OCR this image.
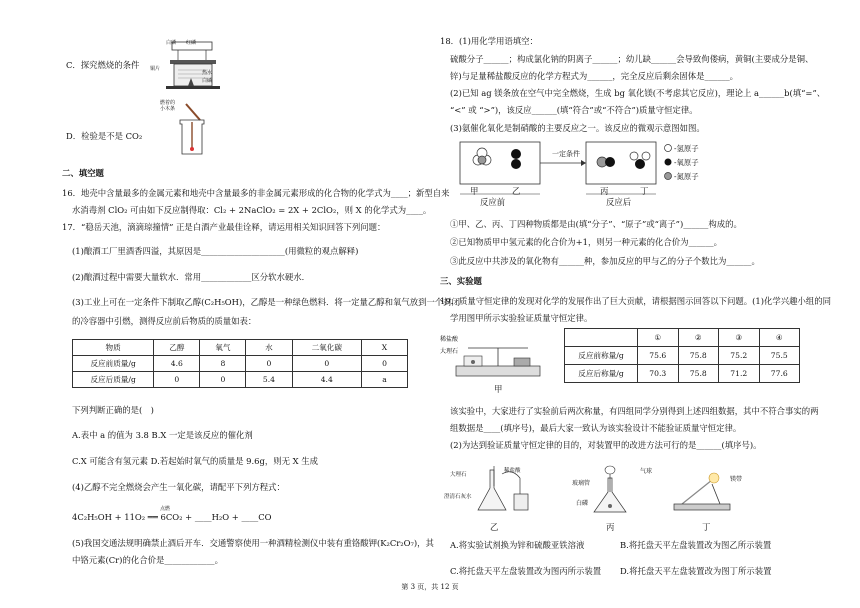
白磷 红磷
铜片
热水
白磷
C．探究燃烧的条件
燃着的
小木条
D．检验是不是 CO₂
二、填空题
16．地壳中含量最多的金属元素和地壳中含量最多的非金属元素形成的化合物的化学式为____；新型自来
水消毒剂 ClO₂ 可由如下反应制得取：Cl₂ + 2NaClO₂ = 2X + 2ClO₂，则 X 的化学式为____。
17．“稳岳天池，滴滴琼撞情” 正是白酒产业最佳诠释，请运用相关知识回答下列问题：
(1)酿酒工厂里酒香四溢，其原因是____________________(用微粒的观点解释)
(2)酿酒过程中需要大量软水．常用____________区分软水硬水．
(3)工业上可在一定条件下制取乙醇(C₂H₅OH)，乙醇是一种绿色燃料．将一定量乙醇和氧气放到一个封闭
的冷容器中引燃，测得反应前后物质的质量如表：
物质	乙醇	氧气	水	二氧化碳	X
反应前质量/g	4.6	8	0	0	0
反应后质量/g	0	0	5.4	4.4	a
下列判断正确的是(　)
A.表中 a 的值为 3.8 B.X 一定是该反应的催化剂
C.X 可能含有氢元素 D.若起始时氧气的质量是 9.6g，则无 X 生成
(4)乙醇不完全燃烧会产生一氧化碳，请配平下列方程式：
点燃
4C₂H₅OH + 11O₂ ══ 6CO₂ + ____H₂O + ____CO
(5)我国交通法规明确禁止酒后开车．交通警察使用一种酒精检测仪中装有重铬酸钾(K₂Cr₂O₇)，其
中铬元素(Cr)的化合价是____________。
18．(1)用化学用语填空：
硫酸分子______；构成氯化钠的阴离子______；幼儿缺______会导致佝偻病，黄铜(主要成分是铜、
锌)与足量稀盐酸反应的化学方程式为______，完全反应后剩余固体是______。
(2)已知 ag 镁条放在空气中完全燃烧，生成 bg 氧化镁(不考虑其它反应)，理论上 a______b(填“=”、
“<” 或 “>”)，该反应______(填“符合”或“不符合”)质量守恒定律。
(3)氨催化氧化是制硝酸的主要反应之一。该反应的微观示意图如图。
甲	乙
一定条件
丙	丁
反应前	反应后
-氢原子
-氧原子
-氮原子
①甲、乙、丙、丁四种物质都是由(填“分子”、“原子”或“离子”)______构成的。
②已知物质甲中氢元素的化合价为+1，则另一种元素的化合价为______。
③此反应中共涉及的氧化物有______种，参加反应的甲与乙的分子个数比为______。
三、实验题
19．质量守恒定律的发现对化学的发展作出了巨大贡献，请根据图示回答以下问题。(1)化学兴趣小组的同
学用图甲所示实验验证质量守恒定律。
稀盐酸
大理石
甲
	①	②	③	④
反应前称量/g	75.6	75.8	75.2	75.5
反应后称量/g	70.3	75.8	71.2	77.6
该实验中，大家进行了实验前后两次称量，有四组同学分别得到上述四组数据，其中不符合事实的两
组数据是____(填序号)，最后大家一致认为该实验设计不能验证质量守恒定律。
(2)为达到验证质量守恒定律的目的，对装置甲的改进方法可行的是______(填序号)。
大理石
稀盐酸
澄清石灰水
乙
玻璃管
气球
白磷
丙
镁带
丁
A.将实验试剂换为锌和硫酸亚铁溶液	B.将托盘天平左盘装置改为图乙所示装置
C.将托盘天平左盘装置改为图丙所示装置 D.将托盘天平左盘装置改为图丁所示装置
第 3 页，共 12 页
